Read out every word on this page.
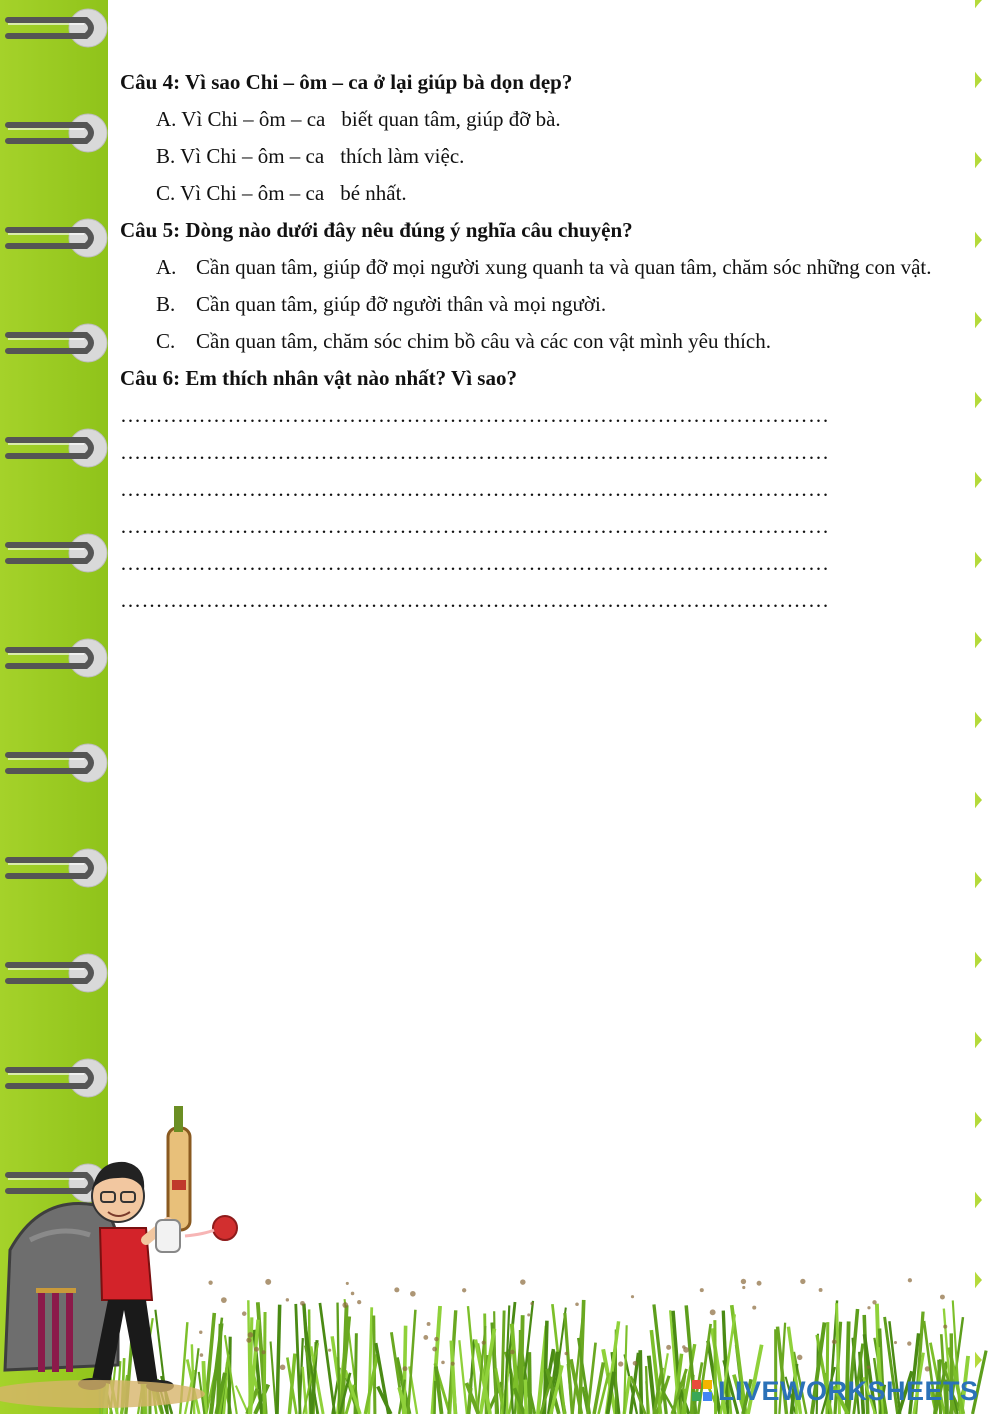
Câu 4: Vì sao Chi – ôm – ca ở lại giúp bà dọn dẹp?
A. Vì Chi – ôm – ca biết quan tâm, giúp đỡ bà.
B. Vì Chi – ôm – ca thích làm việc.
C. Vì Chi – ôm – ca bé nhất.
Câu 5: Dòng nào dưới đây nêu đúng ý nghĩa câu chuyện?
A. Cần quan tâm, giúp đỡ mọi người xung quanh ta và quan tâm, chăm sóc những con vật.
B. Cần quan tâm, giúp đỡ người thân và mọi người.
C. Cần quan tâm, chăm sóc chim bồ câu và các con vật mình yêu thích.
Câu 6: Em thích nhân vật nào nhất? Vì sao?
………………………………………………………………………………………
………………………………………………………………………………………
………………………………………………………………………………………
………………………………………………………………………………………
………………………………………………………………………………………
………………………………………………………………………………………
LIVEWORKSHEETS
